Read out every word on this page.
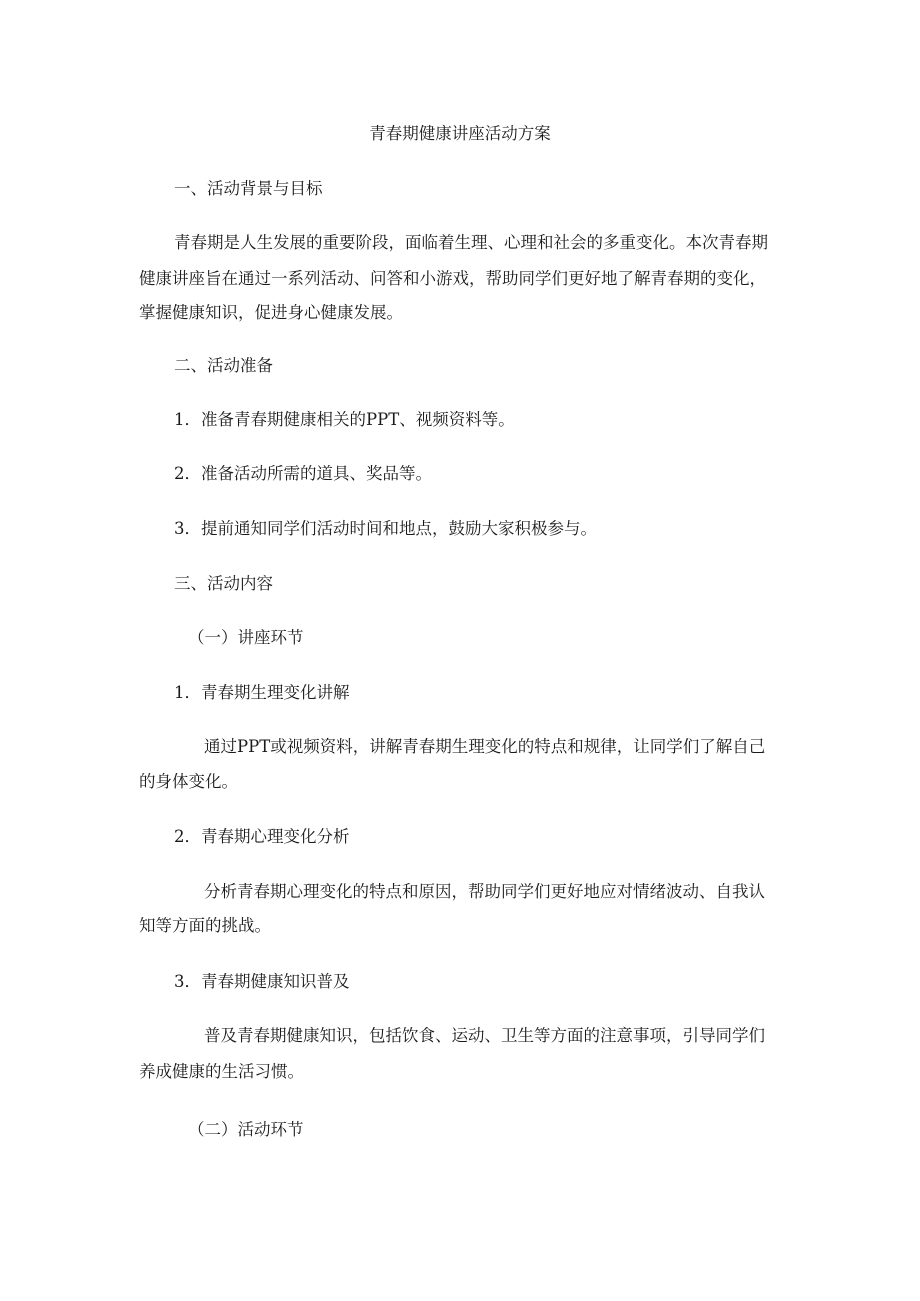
青春期健康讲座活动方案
一、活动背景与目标
青春期是人生发展的重要阶段，面临着生理、心理和社会的多重变化。本次青春期
健康讲座旨在通过一系列活动、问答和小游戏，帮助同学们更好地了解青春期的变化，
掌握健康知识，促进身心健康发展。
二、活动准备
1．准备青春期健康相关的PPT、视频资料等。
2．准备活动所需的道具、奖品等。
3．提前通知同学们活动时间和地点，鼓励大家积极参与。
三、活动内容
（一）讲座环节
1．青春期生理变化讲解
通过PPT或视频资料，讲解青春期生理变化的特点和规律，让同学们了解自己
的身体变化。
2．青春期心理变化分析
分析青春期心理变化的特点和原因，帮助同学们更好地应对情绪波动、自我认
知等方面的挑战。
3．青春期健康知识普及
普及青春期健康知识，包括饮食、运动、卫生等方面的注意事项，引导同学们
养成健康的生活习惯。
（二）活动环节
